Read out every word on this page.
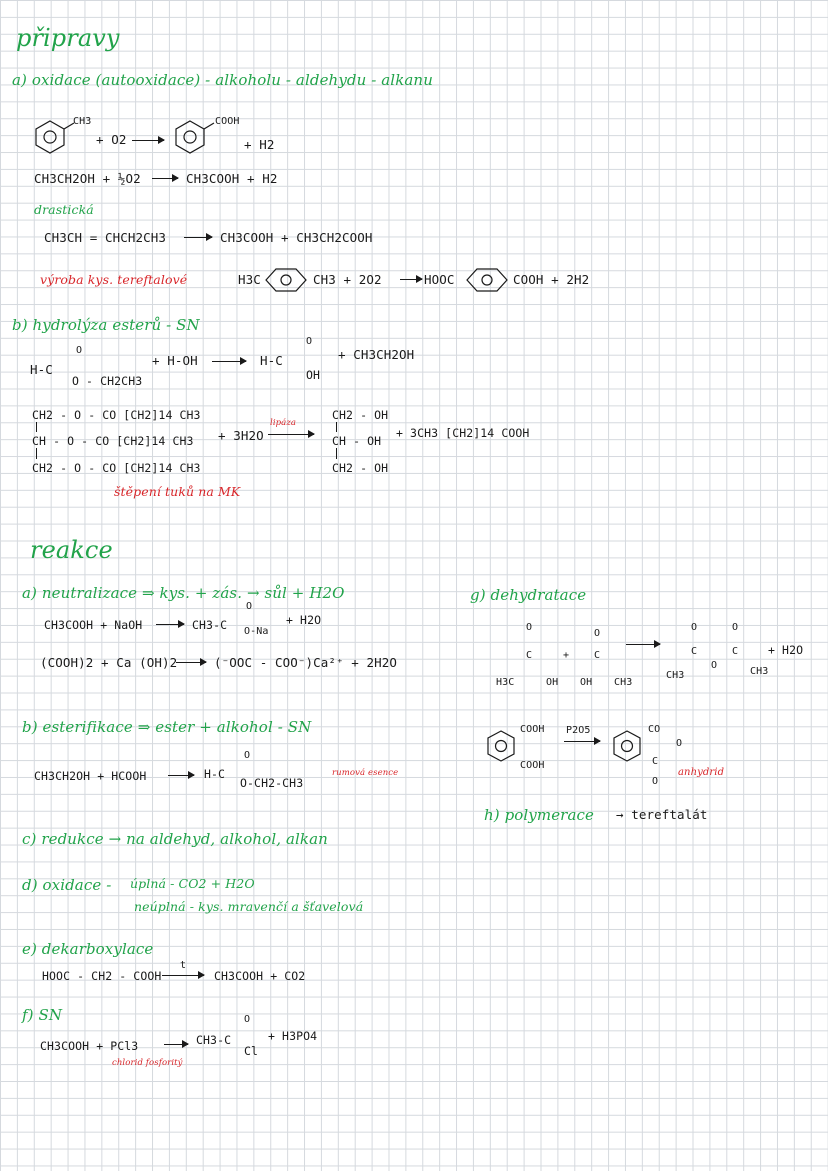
připravy
a) oxidace (autooxidace) - alkoholu - aldehydu - alkanu
CH3
+ O2 →
COOH
+ H2
CH3CH2OH + ½O2 → CH3COOH + H2
drastická
CH3CH = CHCH2CH3 → CH3COOH + CH3CH2COOH
výroba kys. tereftalové	H3C	CH3 + 2O2 → HOOC	COOH + 2H2
b) hydrolýza esterů - SN
O
H-C
O - CH2CH3
+ H-OH →
O
H-C
OH
+ CH3CH2OH
CH2 - O - CO [CH2]14 CH3
CH - O - CO [CH2]14 CH3
CH2 - O - CO [CH2]14 CH3
+ 3H2O
lipáza
CH2 - OH
CH - OH
CH2 - OH
+ 3CH3 [CH2]14 COOH
štěpení tuků na MK
reakce
a) neutralizace ⇒ kys. + zás. → sůl + H2O
CH3COOH + NaOH → CH3-C
O
O-Na
+ H2O
(COOH)2 + Ca (OH)2 → (⁻OOC - COO⁻)Ca²⁺ + 2H2O
b) esterifikace ⇒ ester + alkohol - SN
CH3CH2OH + HCOOH → H-C
O
O-CH2-CH3
rumová esence
c) redukce → na aldehyd, alkohol, alkan
d) oxidace - úplná - CO2 + H2O
neúplná - kys. mravenčí a šťavelová
e) dekarboxylace
HOOC - CH2 - COOH
t
→ CH3COOH + CO2
f) SN
CH3COOH + PCl3 → CH3-C
O
Cl
+ H3PO4
chlorid fosforitý
g) dehydratace
O
C
H3C	OH
+
O
C
OH CH3
O
C
CH3
O
O
C
CH3
+ H2O
COOH
COOH
P2O5	CO
O
C
O
anhydrid
h) polymerace → tereftalát
